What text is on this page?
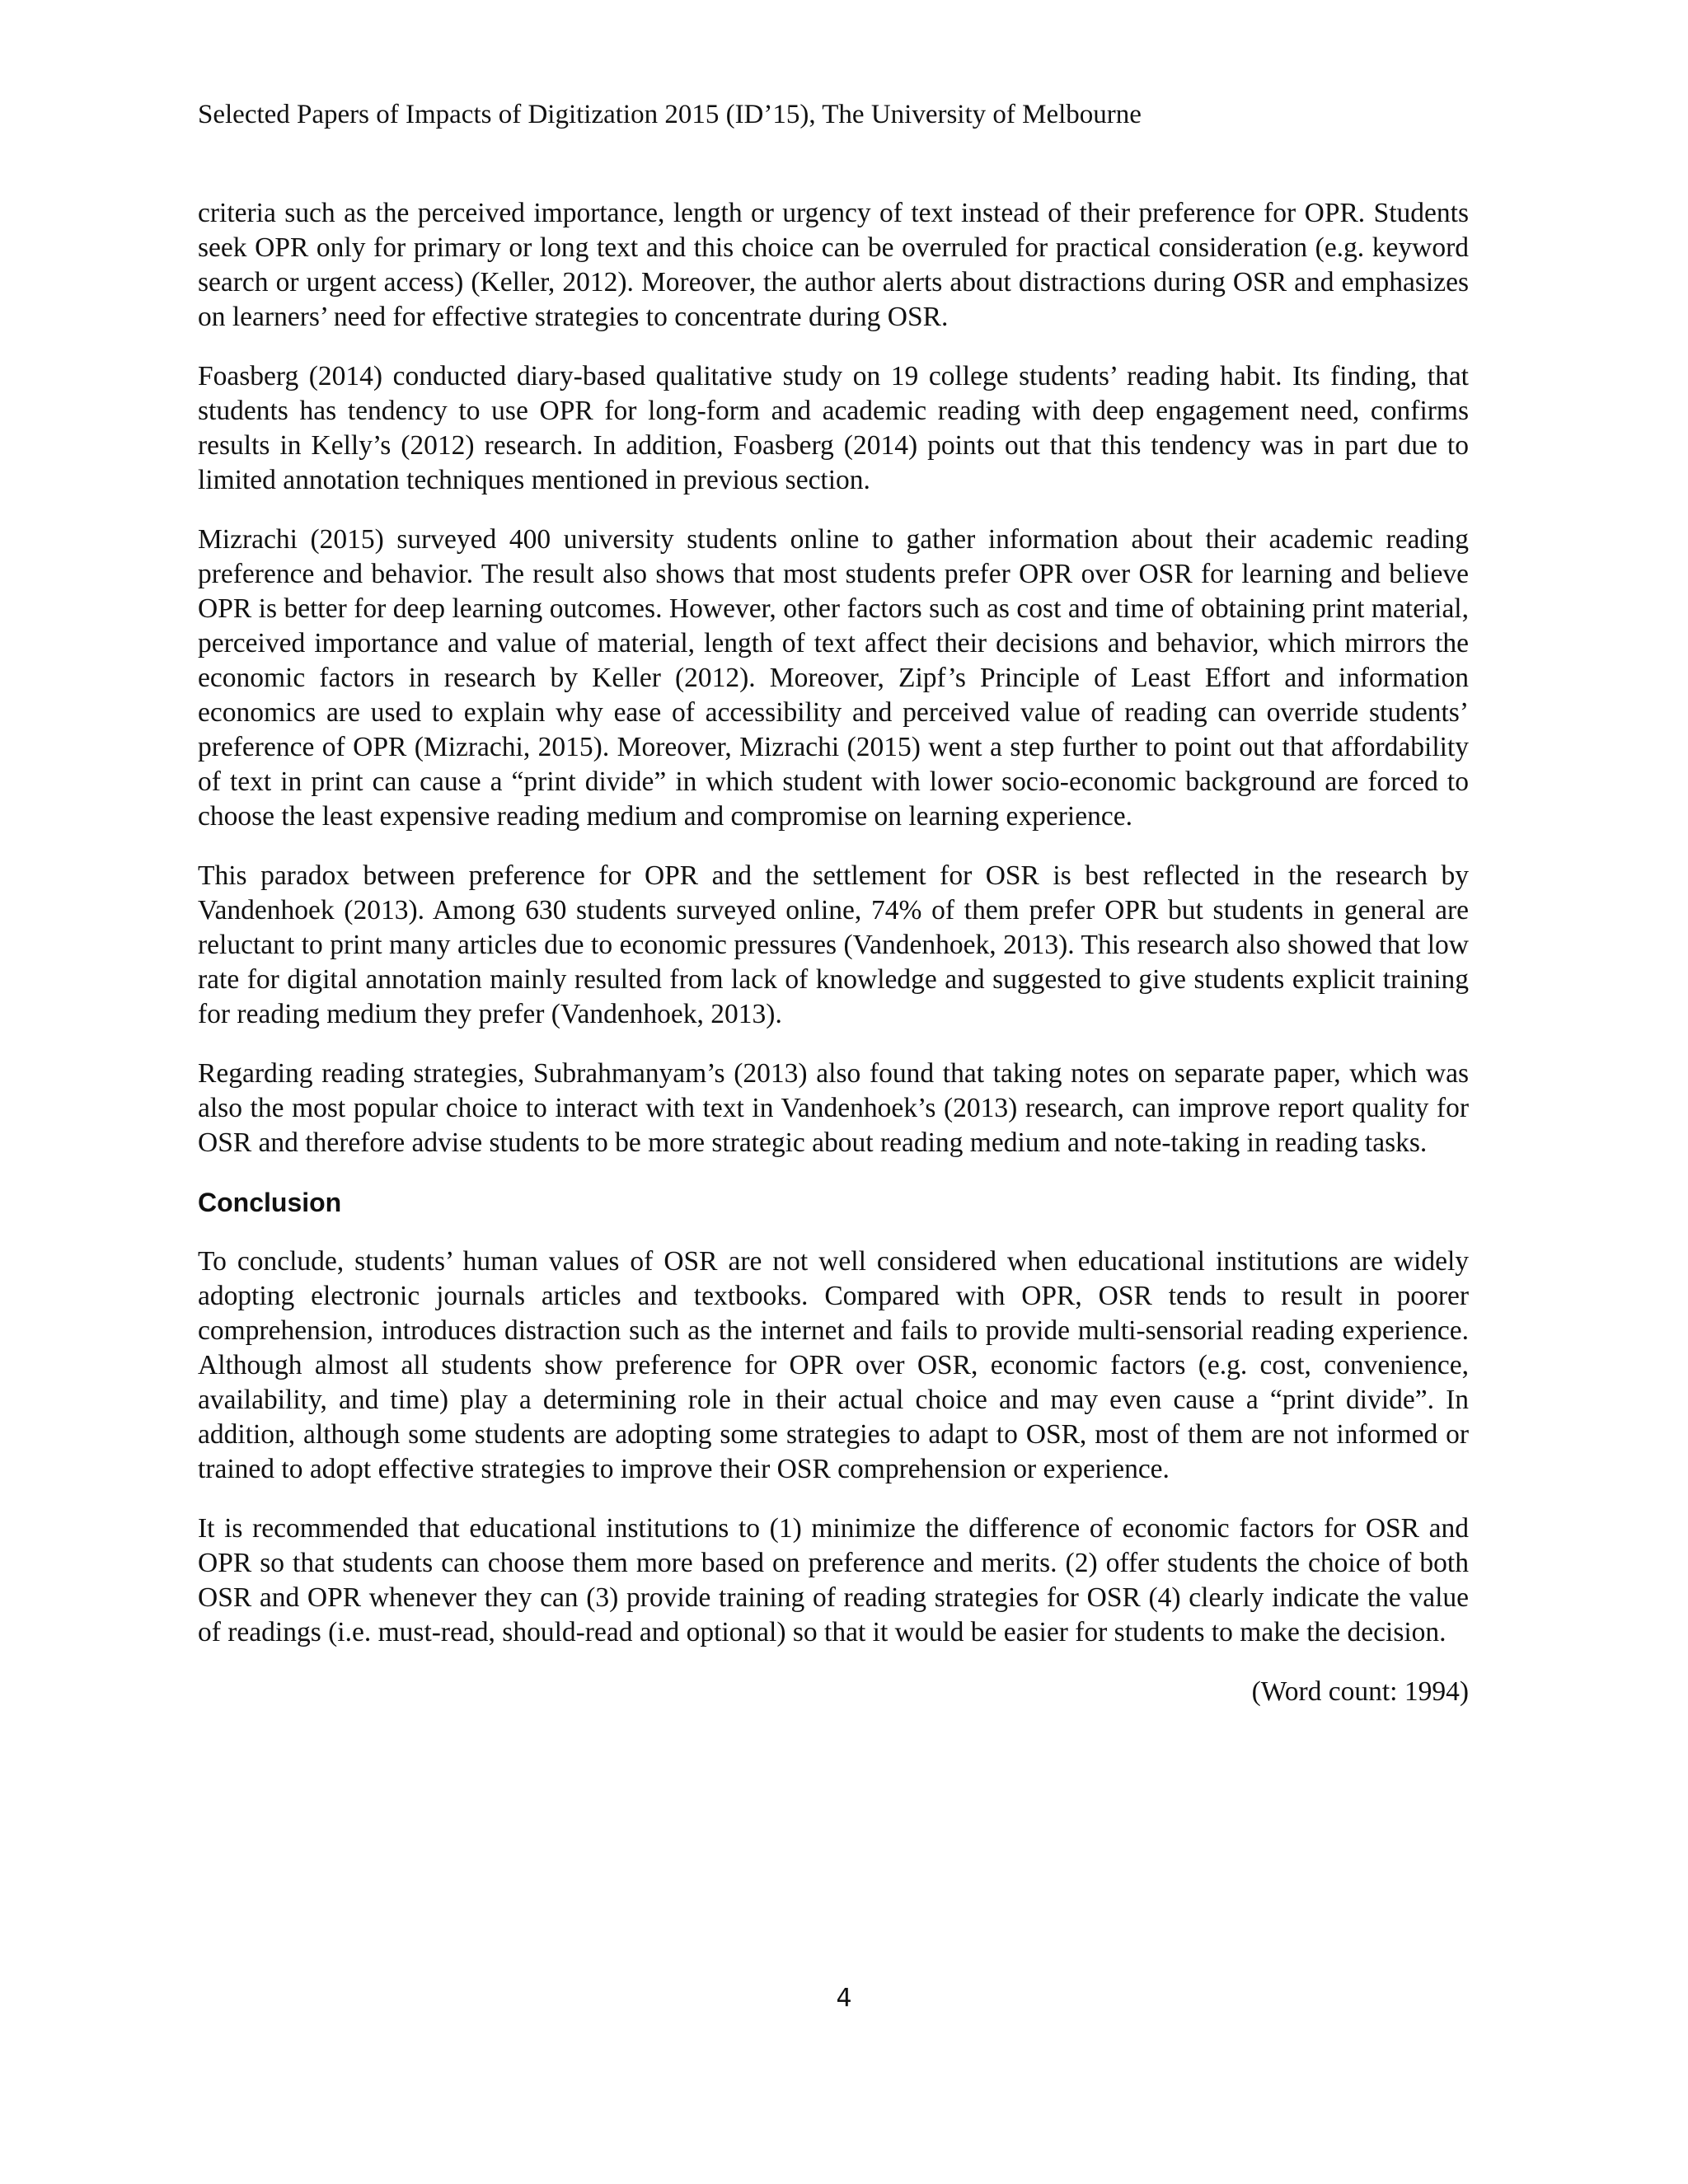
Selected Papers of Impacts of Digitization 2015 (ID’15), The University of Melbourne

criteria such as the perceived importance, length or urgency of text instead of their preference for OPR. Students seek OPR only for primary or long text and this choice can be overruled for practical consideration (e.g. keyword search or urgent access) (Keller, 2012). Moreover, the author alerts about distractions during OSR and emphasizes on learners’ need for effective strategies to concentrate during OSR.

Foasberg (2014) conducted diary-based qualitative study on 19 college students’ reading habit. Its finding, that students has tendency to use OPR for long-form and academic reading with deep engagement need, confirms results in Kelly’s (2012) research. In addition, Foasberg (2014) points out that this tendency was in part due to limited annotation techniques mentioned in previous section.

Mizrachi (2015) surveyed 400 university students online to gather information about their academic reading preference and behavior. The result also shows that most students prefer OPR over OSR for learning and believe OPR is better for deep learning outcomes. However, other factors such as cost and time of obtaining print material, perceived importance and value of material, length of text affect their decisions and behavior, which mirrors the economic factors in research by Keller (2012). Moreover, Zipf’s Principle of Least Effort and information economics are used to explain why ease of accessibility and perceived value of reading can override students’ preference of OPR (Mizrachi, 2015). Moreover, Mizrachi (2015) went a step further to point out that affordability of text in print can cause a “print divide” in which student with lower socio-economic background are forced to choose the least expensive reading medium and compromise on learning experience.

This paradox between preference for OPR and the settlement for OSR is best reflected in the research by Vandenhoek (2013). Among 630 students surveyed online, 74% of them prefer OPR but students in general are reluctant to print many articles due to economic pressures (Vandenhoek, 2013). This research also showed that low rate for digital annotation mainly resulted from lack of knowledge and suggested to give students explicit training for reading medium they prefer (Vandenhoek, 2013).

Regarding reading strategies, Subrahmanyam’s (2013) also found that taking notes on separate paper, which was also the most popular choice to interact with text in Vandenhoek’s (2013) research, can improve report quality for OSR and therefore advise students to be more strategic about reading medium and note-taking in reading tasks.

Conclusion

To conclude, students’ human values of OSR are not well considered when educational institutions are widely adopting electronic journals articles and textbooks. Compared with OPR, OSR tends to result in poorer comprehension, introduces distraction such as the internet and fails to provide multi-sensorial reading experience. Although almost all students show preference for OPR over OSR, economic factors (e.g. cost, convenience, availability, and time) play a determining role in their actual choice and may even cause a “print divide”. In addition, although some students are adopting some strategies to adapt to OSR, most of them are not informed or trained to adopt effective strategies to improve their OSR comprehension or experience.

It is recommended that educational institutions to (1) minimize the difference of economic factors for OSR and OPR so that students can choose them more based on preference and merits. (2) offer students the choice of both OSR and OPR whenever they can (3) provide training of reading strategies for OSR (4) clearly indicate the value of readings (i.e. must-read, should-read and optional) so that it would be easier for students to make the decision.

(Word count: 1994)

4
